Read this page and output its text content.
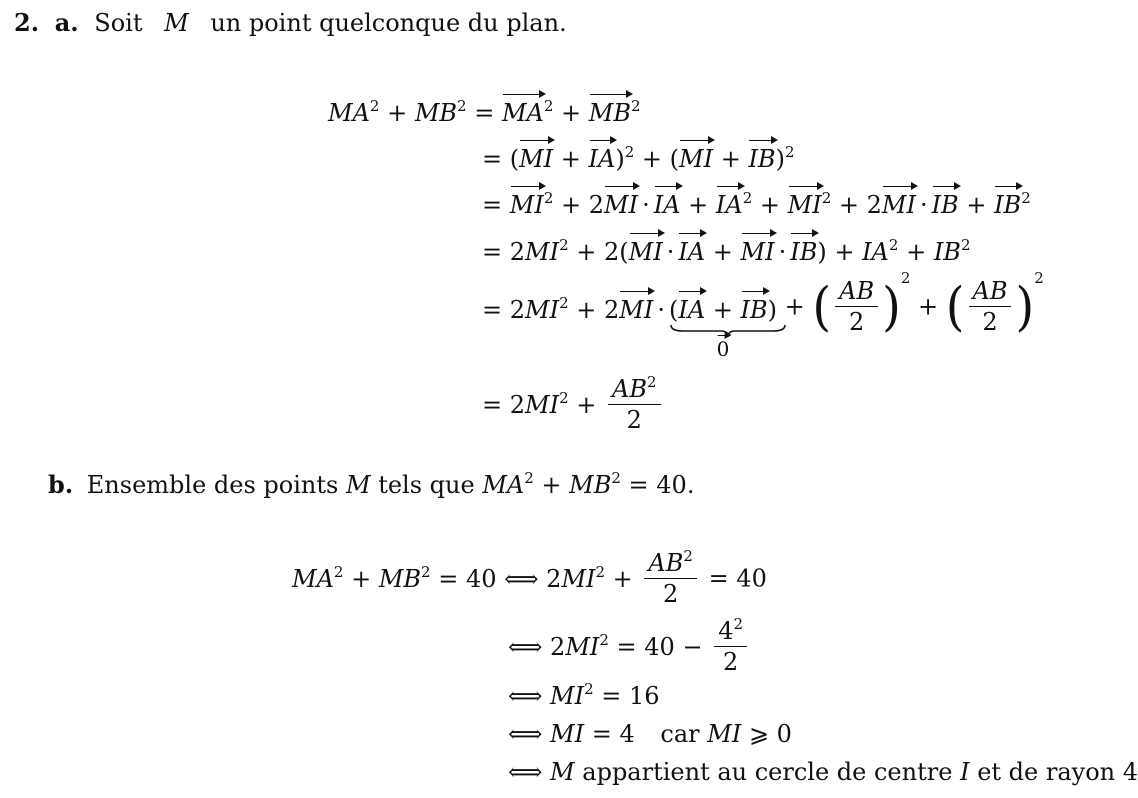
2. a. Soit M un point quelconque du plan.
$MA^2 + MB^2 = MA^2 + MB^2$
= (MI + IA)$^2$ + (MI + IB)$^2$
= $MI^2 + 2MI$ · IA + $IA^2 + MI^2 + 2MI$ · IB + $IB^2$
= $2MI^2 + 2(MI$ · IA + MI · $IB) + IA^2 + IB^2$
= $2MI^2 + 2MI \cdot (IA + IB)$
0
+ ( $\frac{AB}{2} )^2$ + ( $\frac{AB}{2} )^2$
= $2MI^2 + \frac{AB^2}{2}$
b. Ensemble des points M tels que $MA^2 + MB^2 = 40$.
$MA^2 + MB^2 = 40$ ⟺ $2MI^2 + \frac{AB^2}{2} = 40$
⟺ $2MI^2 = 40 - \frac{4^2}{2}$
⟺ $MI^2 = 16$
⟺ MI = 4 car MI ⩾ 0
⟺ M appartient au cercle de centre I et de rayon 4
